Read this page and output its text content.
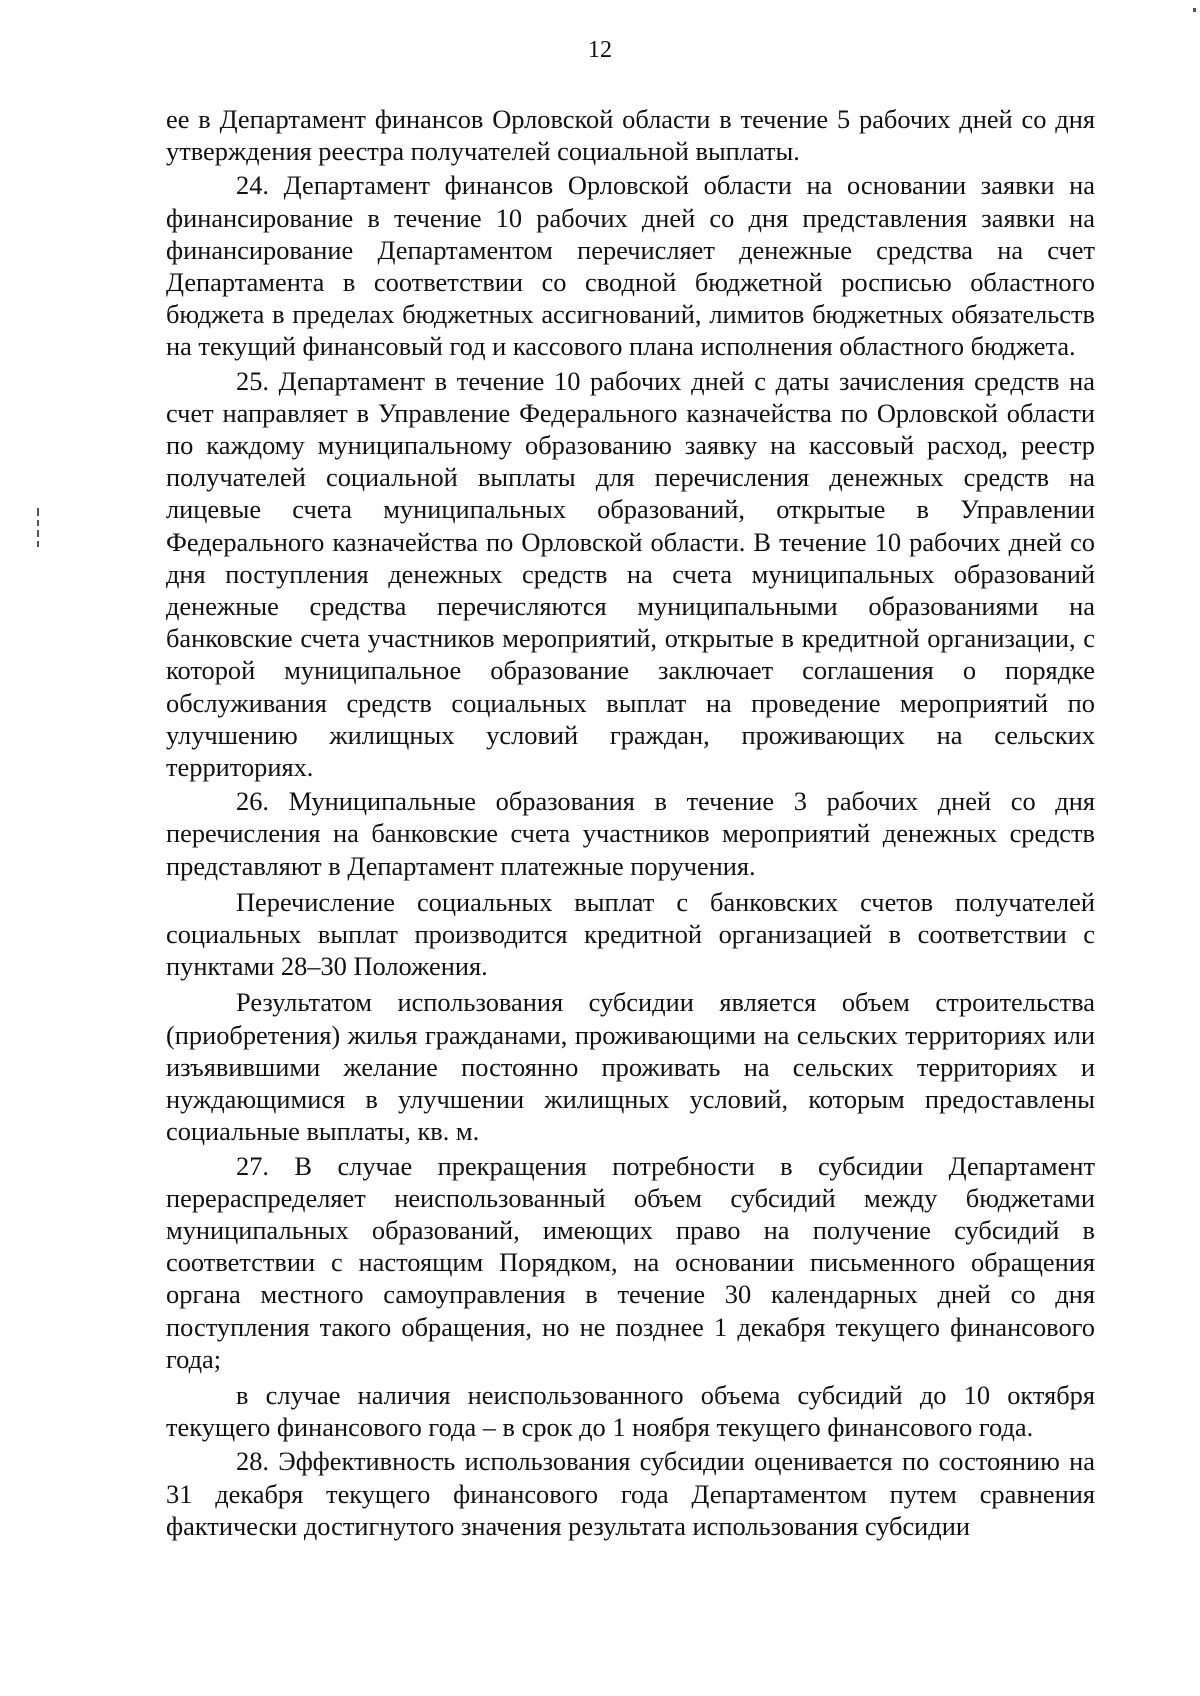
12

ее в Департамент финансов Орловской области в течение 5 рабочих дней со дня утверждения реестра получателей социальной выплаты.

24. Департамент финансов Орловской области на основании заявки на финансирование в течение 10 рабочих дней со дня представления заявки на финансирование Департаментом перечисляет денежные средства на счет Департамента в соответствии со сводной бюджетной росписью областного бюджета в пределах бюджетных ассигнований, лимитов бюджетных обязательств на текущий финансовый год и кассового плана исполнения областного бюджета.

25. Департамент в течение 10 рабочих дней с даты зачисления средств на счет направляет в Управление Федерального казначейства по Орловской области по каждому муниципальному образованию заявку на кассовый расход, реестр получателей социальной выплаты для перечисления денежных средств на лицевые счета муниципальных образований, открытые в Управлении Федерального казначейства по Орловской области. В течение 10 рабочих дней со дня поступления денежных средств на счета муниципальных образований денежные средства перечисляются муниципальными образованиями на банковские счета участников мероприятий, открытые в кредитной организации, с которой муниципальное образование заключает соглашения о порядке обслуживания средств социальных выплат на проведение мероприятий по улучшению жилищных условий граждан, проживающих на сельских территориях.

26. Муниципальные образования в течение 3 рабочих дней со дня перечисления на банковские счета участников мероприятий денежных средств представляют в Департамент платежные поручения.

Перечисление социальных выплат с банковских счетов получателей социальных выплат производится кредитной организацией в соответствии с пунктами 28–30 Положения.

Результатом использования субсидии является объем строительства (приобретения) жилья гражданами, проживающими на сельских территориях или изъявившими желание постоянно проживать на сельских территориях и нуждающимися в улучшении жилищных условий, которым предоставлены социальные выплаты, кв. м.

27. В случае прекращения потребности в субсидии Департамент перераспределяет неиспользованный объем субсидий между бюджетами муниципальных образований, имеющих право на получение субсидий в соответствии с настоящим Порядком, на основании письменного обращения органа местного самоуправления в течение 30 календарных дней со дня поступления такого обращения, но не позднее 1 декабря текущего финансового года;

в случае наличия неиспользованного объема субсидий до 10 октября текущего финансового года – в срок до 1 ноября текущего финансового года.

28. Эффективность использования субсидии оценивается по состоянию на 31 декабря текущего финансового года Департаментом путем сравнения фактически достигнутого значения результата использования субсидии
